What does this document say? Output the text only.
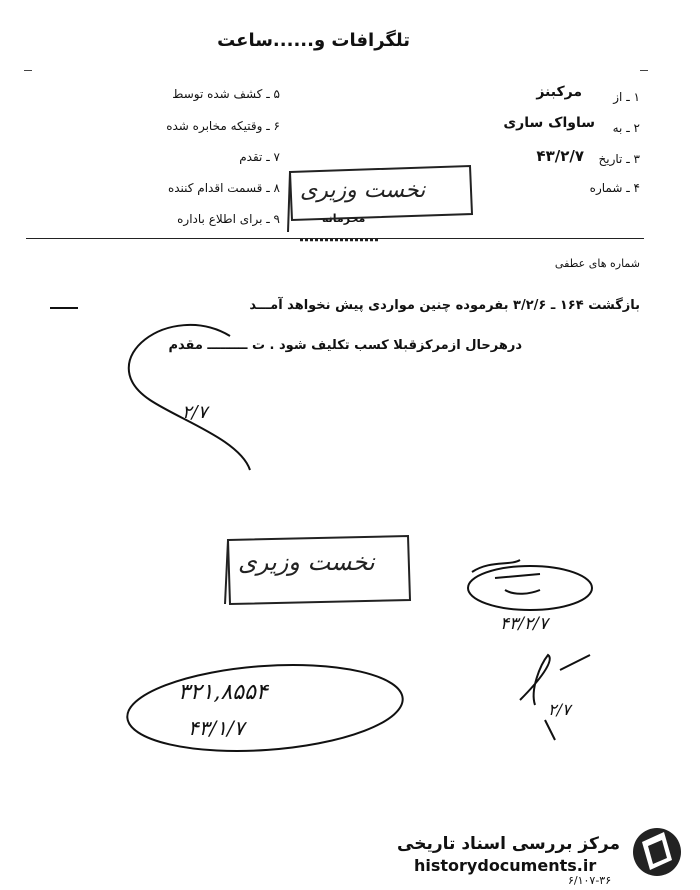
تلگرافات و......ساعت
۱ ـ از
مرکبنز
۲ ـ به
ساواک ساری
۳ ـ تاریخ
۴۳/۲/۷
۴ ـ شماره
۵ ـ کشف شده توسط
۶ ـ وقتیکه مخابره شده
۷ ـ تقدم
۸ ـ قسمت اقدام کننده
۹ ـ برای اطلاع باداره
شماره های عطفی
بازگشت ۱۶۴ ـ ۳/۲/۶ بفرموده چنین مواردی پیش نخواهد آمـــد
درهرحال ازمرکزقبلا کسب تکلیف شود . ت ـــــــــ مقدم
نخست وزیری
محرمانه
نخست وزیری
۲/۷
۴۳/۲/۷
۳۲۱,۸۵۵۴
۴۳/۱/۷
۲/۷
مرکز بررسی اسناد تاریخی
historydocuments.ir
۶/۱۰۷-۳۶
